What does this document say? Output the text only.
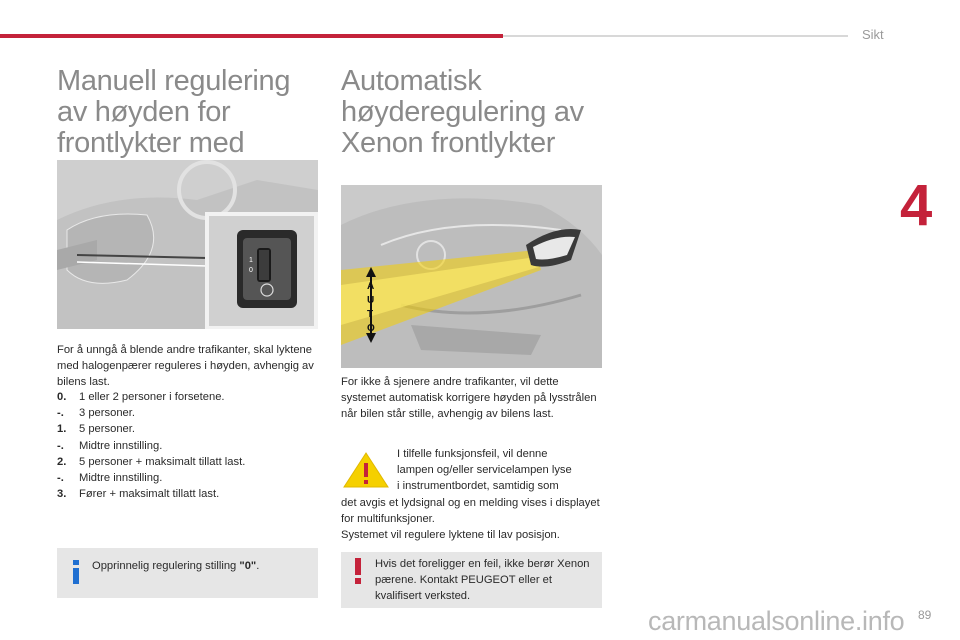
Sikt
4
Manuell regulering av høyden for frontlykter med
Automatisk høyderegulering av Xenon frontlykter
1
0
For å unngå å blende andre trafikanter, skal lyktene med halogenpærer reguleres i høyden, avhengig av bilens last.
0.	1 eller 2 personer i forsetene.
-.	3 personer.
1.	5 personer.
-.	Midtre innstilling.
2.	5 personer + maksimalt tillatt last.
-.	Midtre innstilling.
3.	Fører + maksimalt tillatt last.
Opprinnelig regulering stilling "0".
A
U
T
O
For ikke å sjenere andre trafikanter, vil dette systemet automatisk korrigere høyden på lysstrålen når bilen står stille, avhengig av bilens last.
I tilfelle funksjonsfeil, vil denne
lampen og/eller servicelampen lyse
i instrumentbordet, samtidig som
det avgis et lydsignal og en melding vises i displayet for multifunksjoner.
Systemet vil regulere lyktene til lav posisjon.
Hvis det foreligger en feil, ikke berør Xenon pærene. Kontakt PEUGEOT eller et kvalifisert verksted.
89
carmanualsonline.info
